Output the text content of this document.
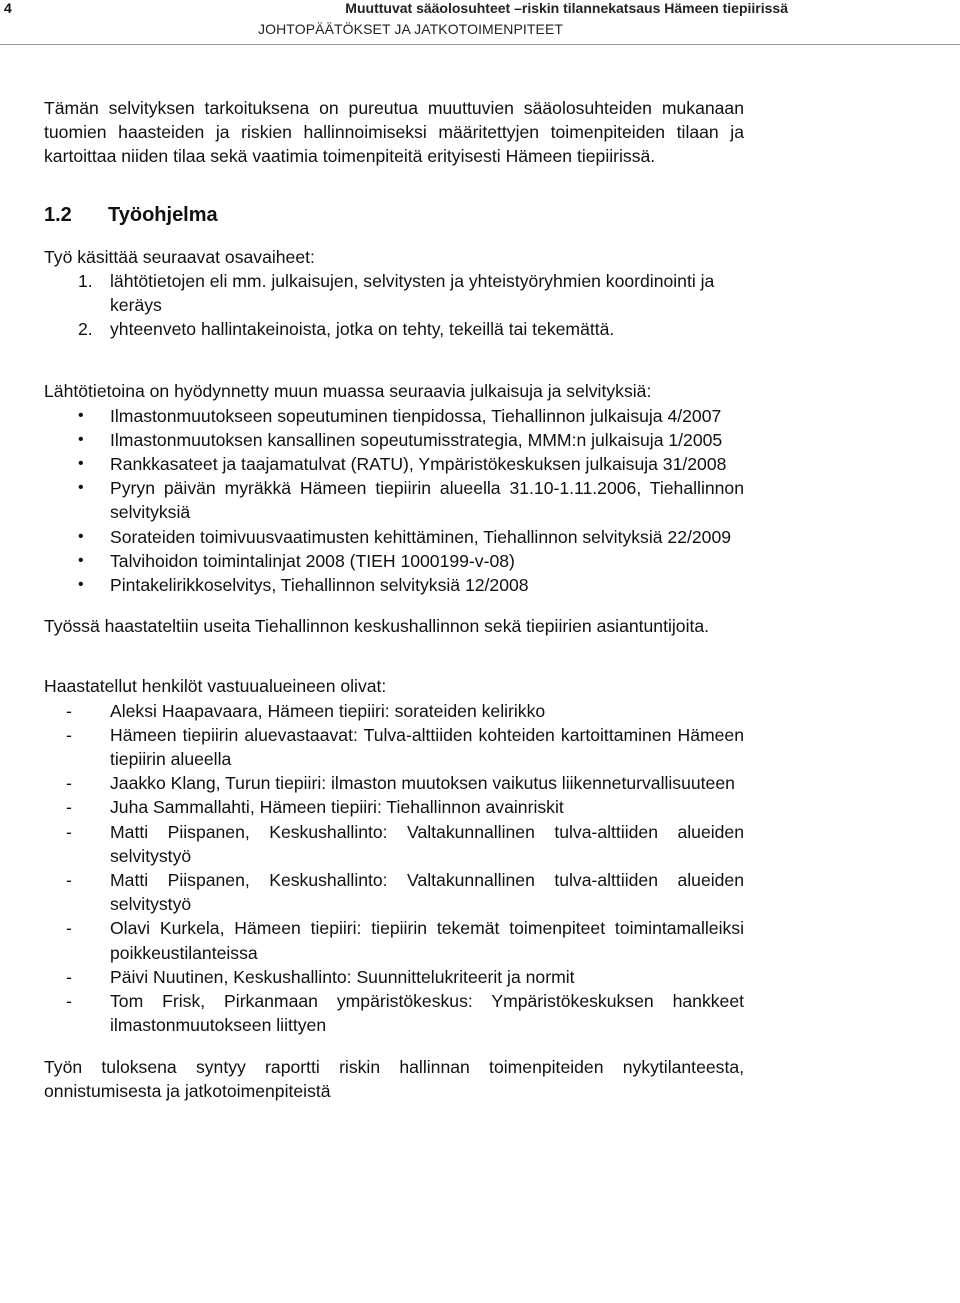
4	Muuttuvat sääolosuhteet –riskin tilannekatsaus Hämeen tiepiirissä
JOHTOPÄÄTÖKSET JA JATKOTOIMENPITEET

Tämän selvityksen tarkoituksena on pureutua muuttuvien sääolosuhteiden mukanaan tuomien haasteiden ja riskien hallinnoimiseksi määritettyjen toimenpiteiden tilaan ja kartoittaa niiden tilaa sekä vaatimia toimenpiteitä erityisesti Hämeen tiepiirissä.

1.2 Työohjelma

Työ käsittää seuraavat osavaiheet:

1. lähtötietojen eli mm. julkaisujen, selvitysten ja yhteistyöryhmien koordinointi ja keräys
2. yhteenveto hallintakeinoista, jotka on tehty, tekeillä tai tekemättä.

Lähtötietoina on hyödynnetty muun muassa seuraavia julkaisuja ja selvityksiä:

• Ilmastonmuutokseen sopeutuminen tienpidossa, Tiehallinnon julkaisuja 4/2007
• Ilmastonmuutoksen kansallinen sopeutumisstrategia, MMM:n julkaisuja 1/2005
• Rankkasateet ja taajamatulvat (RATU), Ympäristökeskuksen julkaisuja 31/2008
• Pyryn päivän myräkkä Hämeen tiepiirin alueella 31.10-1.11.2006, Tiehallinnon selvityksiä
• Sorateiden toimivuusvaatimusten kehittäminen, Tiehallinnon selvityksiä 22/2009
• Talvihoidon toimintalinjat 2008 (TIEH 1000199-v-08)
• Pintakelirikkoselvitys, Tiehallinnon selvityksiä 12/2008

Työssä haastateltiin useita Tiehallinnon keskushallinnon sekä tiepiirien asiantuntijoita.

Haastatellut henkilöt vastuualueineen olivat:

- Aleksi Haapavaara, Hämeen tiepiiri: sorateiden kelirikko
- Hämeen tiepiirin aluevastaavat: Tulva-alttiiden kohteiden kartoittaminen Hämeen tiepiirin alueella
- Jaakko Klang, Turun tiepiiri: ilmaston muutoksen vaikutus liikenneturvallisuuteen
- Juha Sammallahti, Hämeen tiepiiri: Tiehallinnon avainriskit
- Matti Piispanen, Keskushallinto: Valtakunnallinen tulva-alttiiden alueiden selvitystyö
- Matti Piispanen, Keskushallinto: Valtakunnallinen tulva-alttiiden alueiden selvitystyö
- Olavi Kurkela, Hämeen tiepiiri: tiepiirin tekemät toimenpiteet toimintamalleiksi poikkeustilanteissa
- Päivi Nuutinen, Keskushallinto: Suunnittelukriteerit ja normit
- Tom Frisk, Pirkanmaan ympäristökeskus: Ympäristökeskuksen hankkeet ilmastonmuutokseen liittyen

Työn tuloksena syntyy raportti riskin hallinnan toimenpiteiden nykytilanteesta, onnistumisesta ja jatkotoimenpiteistä
